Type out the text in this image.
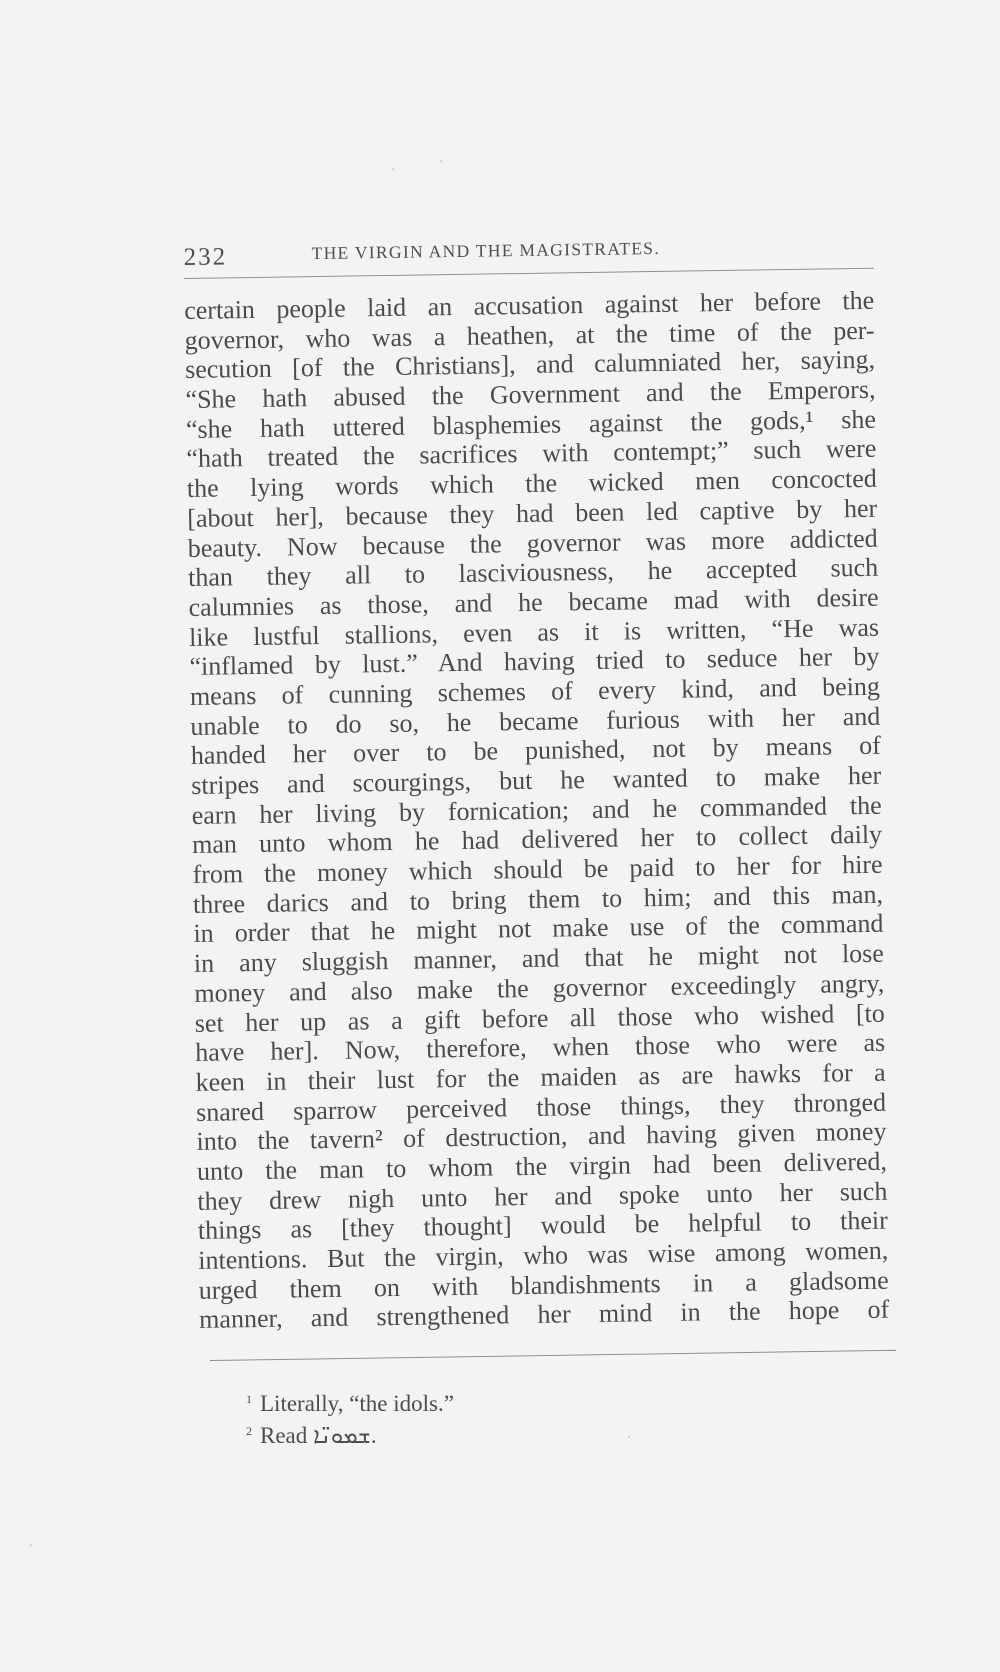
232	THE VIRGIN AND THE MAGISTRATES.
certain people laid an accusation against her before the
governor, who was a heathen, at the time of the per-
secution [of the Christians], and calumniated her, saying,
“She hath abused the Government and the Emperors,
“she hath uttered blasphemies against the gods,¹ she
“hath treated the sacrifices with contempt;” such were
the lying words which the wicked men concocted
[about her], because they had been led captive by her
beauty. Now because the governor was more addicted
than they all to lasciviousness, he accepted such
calumnies as those, and he became mad with desire
like lustful stallions, even as it is written, “He was
“inflamed by lust.” And having tried to seduce her by
means of cunning schemes of every kind, and being
unable to do so, he became furious with her and
handed her over to be punished, not by means of
stripes and scourgings, but he wanted to make her
earn her living by fornication; and he commanded the
man unto whom he had delivered her to collect daily
from the money which should be paid to her for hire
three darics and to bring them to him; and this man,
in order that he might not make use of the command
in any sluggish manner, and that he might not lose
money and also make the governor exceedingly angry,
set her up as a gift before all those who wished [to
have her]. Now, therefore, when those who were as
keen in their lust for the maiden as are hawks for a
snared sparrow perceived those things, they thronged
into the tavern² of destruction, and having given money
unto the man to whom the virgin had been delivered,
they drew nigh unto her and spoke unto her such
things as [they thought] would be helpful to their
intentions. But the virgin, who was wise among women,
urged them on with blandishments in a gladsome
manner, and strengthened her mind in the hope of
$^1$ Literally, “the idols.”
$^2$ Read ܫܡܘܢ̈ܐ.
